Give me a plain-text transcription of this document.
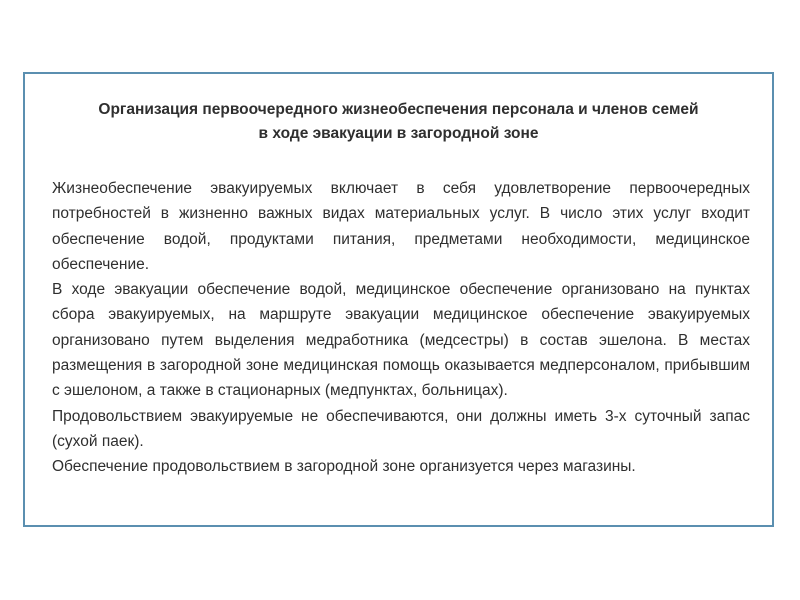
Организация первоочередного жизнеобеспечения персонала и членов семей
в ходе эвакуации в загородной зоне

Жизнеобеспечение эвакуируемых включает в себя удовлетворение первоочередных потребностей в жизненно важных видах материальных услуг. В число этих услуг входит обеспечение водой, продуктами питания, предметами необходимости, медицинское обеспечение.

В ходе эвакуации обеспечение водой, медицинское обеспечение организовано на пунктах сбора эвакуируемых, на маршруте эвакуации медицинское обеспечение эвакуируемых организовано путем выделения медработника (медсестры) в состав эшелона. В местах размещения в загородной зоне медицинская помощь оказывается медперсоналом, прибывшим с эшелоном, а также в стационарных (медпунктах, больницах).

Продовольствием эвакуируемые не обеспечиваются, они должны иметь 3-х суточный запас (сухой паек).

Обеспечение продовольствием в загородной зоне организуется через магазины.
